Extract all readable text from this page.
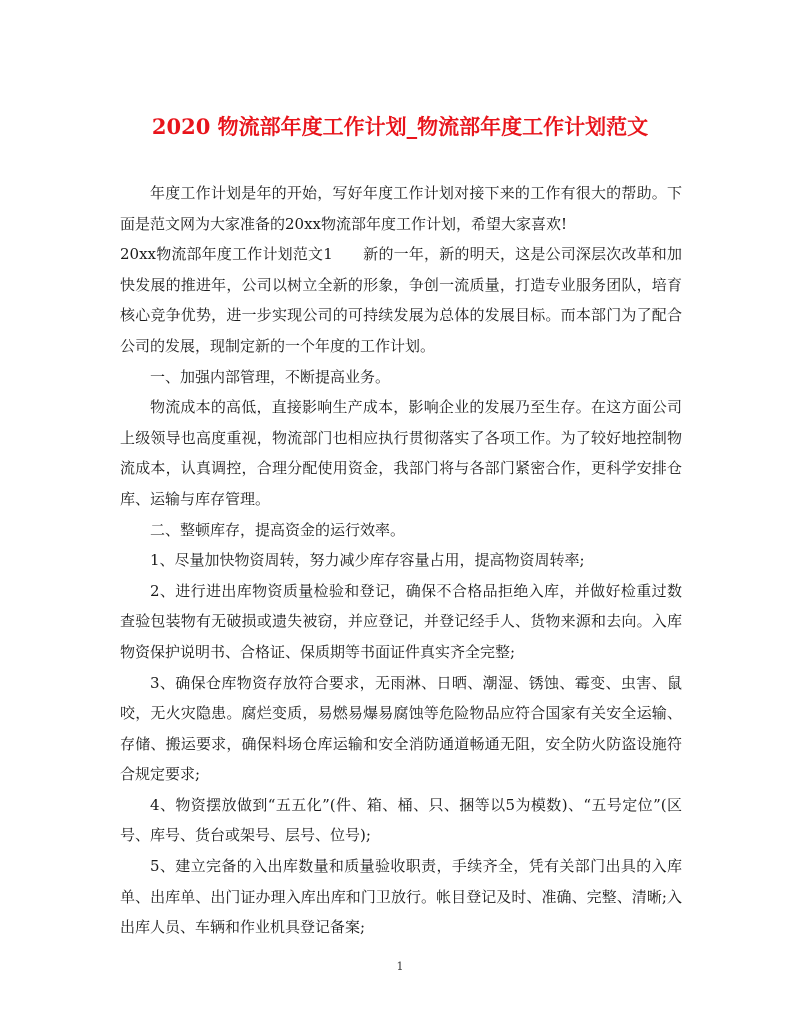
2020 物流部年度工作计划_物流部年度工作计划范文

年度工作计划是年的开始，写好年度工作计划对接下来的工作有很大的帮助。下面是范文网为大家准备的20xx物流部年度工作计划，希望大家喜欢!

20xx物流部年度工作计划范文1　　新的一年，新的明天，这是公司深层次改革和加快发展的推进年，公司以树立全新的形象，争创一流质量，打造专业服务团队，培育核心竞争优势，进一步实现公司的可持续发展为总体的发展目标。而本部门为了配合公司的发展，现制定新的一个年度的工作计划。

一、加强内部管理，不断提高业务。

物流成本的高低，直接影响生产成本，影响企业的发展乃至生存。在这方面公司上级领导也高度重视，物流部门也相应执行贯彻落实了各项工作。为了较好地控制物流成本，认真调控，合理分配使用资金，我部门将与各部门紧密合作，更科学安排仓库、运输与库存管理。

二、整顿库存，提高资金的运行效率。

1、尽量加快物资周转，努力减少库存容量占用，提高物资周转率;

2、进行进出库物资质量检验和登记，确保不合格品拒绝入库，并做好检重过数查验包装物有无破损或遗失被窃，并应登记，并登记经手人、货物来源和去向。入库物资保护说明书、合格证、保质期等书面证件真实齐全完整;

3、确保仓库物资存放符合要求，无雨淋、日晒、潮湿、锈蚀、霉变、虫害、鼠咬，无火灾隐患。腐烂变质，易燃易爆易腐蚀等危险物品应符合国家有关安全运输、存储、搬运要求，确保料场仓库运输和安全消防通道畅通无阻，安全防火防盗设施符合规定要求;

4、物资摆放做到“五五化”(件、箱、桶、只、捆等以5为模数)、“五号定位”(区号、库号、货台或架号、层号、位号);

5、建立完备的入出库数量和质量验收职责，手续齐全，凭有关部门出具的入库单、出库单、出门证办理入库出库和门卫放行。帐目登记及时、准确、完整、清晰;入出库人员、车辆和作业机具登记备案;

1
